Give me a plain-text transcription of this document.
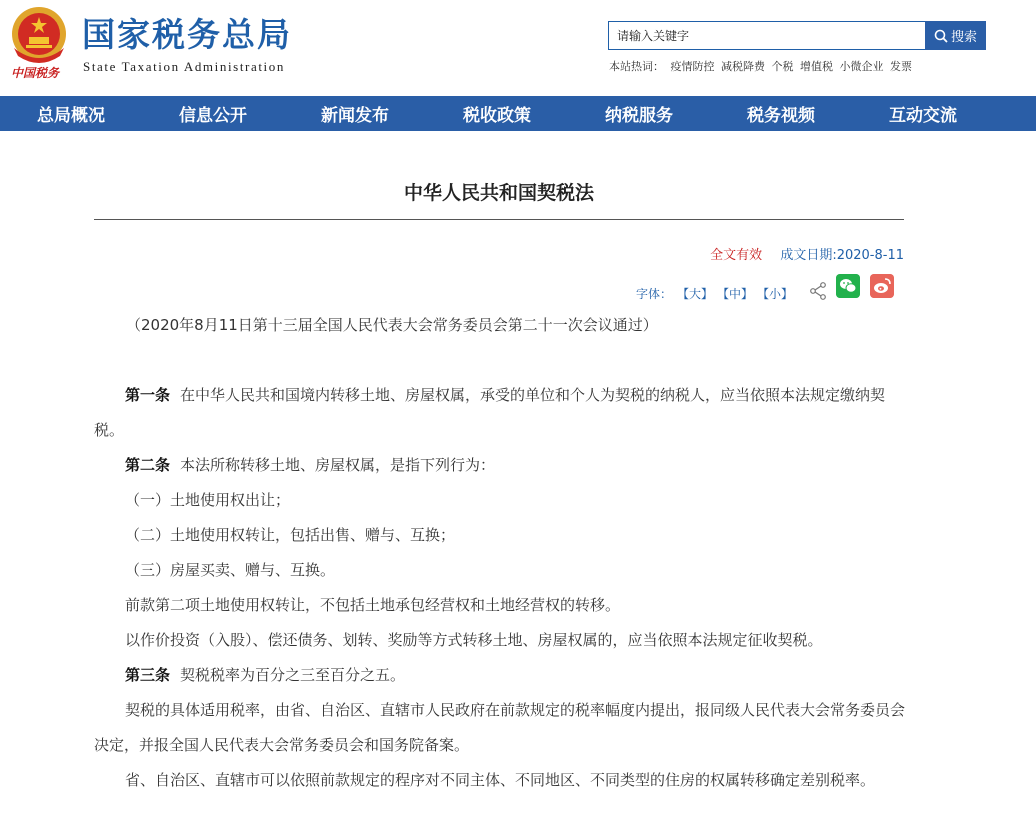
中国税务
国家税务总局
State Taxation Administration
请输入关键字
搜索
本站热词： 疫情防控 减税降费 个税 增值税 小微企业 发票
总局概况	信息公开	新闻发布	税收政策	纳税服务	税务视频	互动交流
中华人民共和国契税法
全文有效 成文日期:2020-8-11
字体： 【大】 【中】 【小】

（2020年8月11日第十三届全国人民代表大会常务委员会第二十一次会议通过）

第一条 在中华人民共和国境内转移土地、房屋权属，承受的单位和个人为契税的纳税人，应当依照本法规定缴纳契税。

第二条 本法所称转移土地、房屋权属，是指下列行为：

（一）土地使用权出让；

（二）土地使用权转让，包括出售、赠与、互换；

（三）房屋买卖、赠与、互换。

前款第二项土地使用权转让，不包括土地承包经营权和土地经营权的转移。

以作价投资（入股）、偿还债务、划转、奖励等方式转移土地、房屋权属的，应当依照本法规定征收契税。

第三条 契税税率为百分之三至百分之五。

契税的具体适用税率，由省、自治区、直辖市人民政府在前款规定的税率幅度内提出，报同级人民代表大会常务委员会决定，并报全国人民代表大会常务委员会和国务院备案。

省、自治区、直辖市可以依照前款规定的程序对不同主体、不同地区、不同类型的住房的权属转移确定差别税率。
